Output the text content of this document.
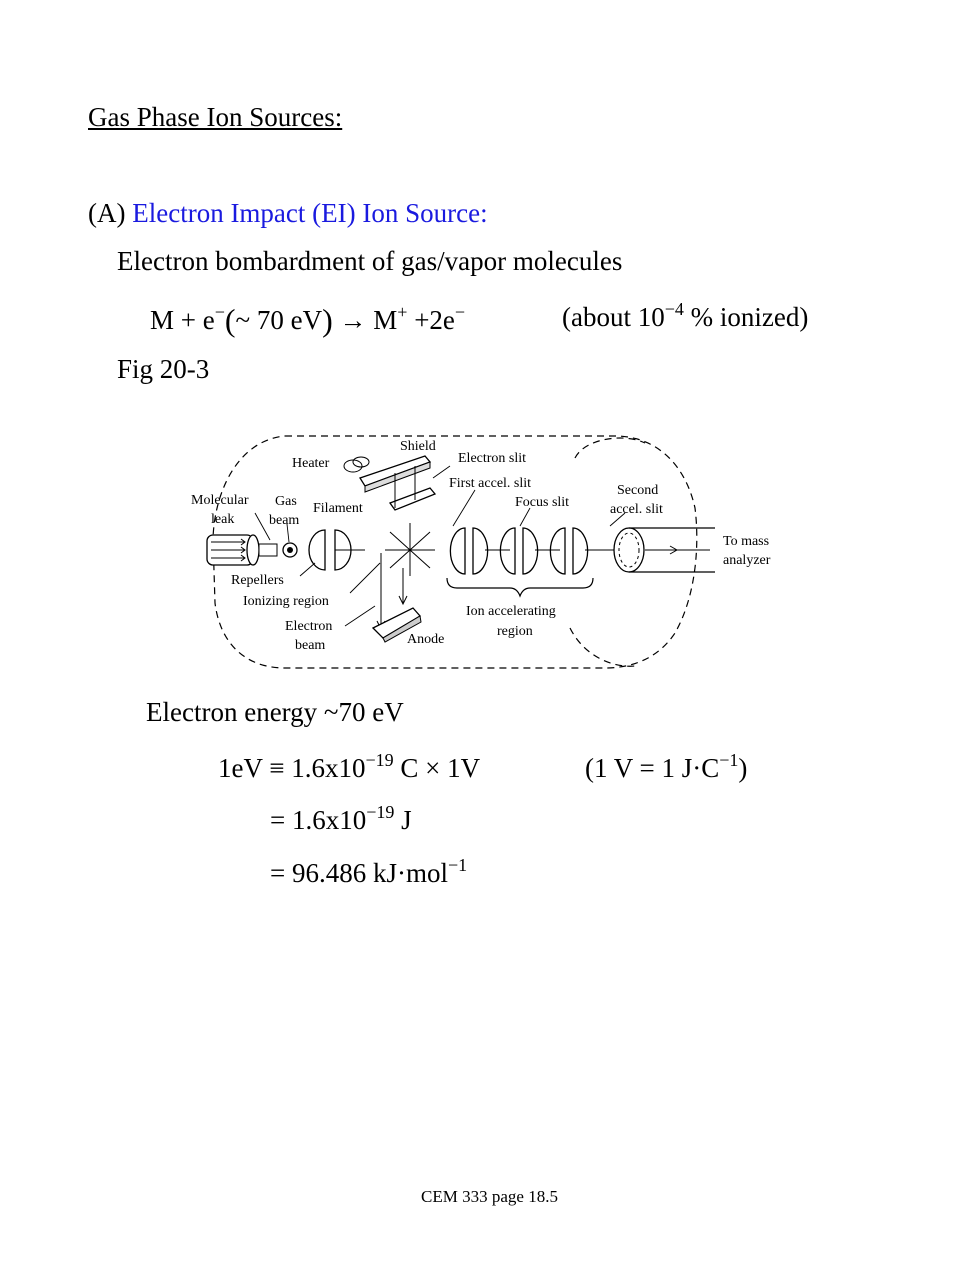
Gas Phase Ion Sources:
(A) Electron Impact (EI) Ion Source:
Electron bombardment of gas/vapor molecules
M + e−(~ 70 eV) → M+ +2e−	(about $10^{-4}$ % ionized)
Fig 20-3
Shield
Heater	Electron slit
First accel. slit	Second
accel. slit
Molecular
leak
Gas
beam
Filament	Focus slit
To mass
analyzer
Repellers
Ionizing region
Electron
beam	Anode
Ion accelerating
region
Electron energy ~70 eV
$1eV \equiv 1.6x10^{-19}$ C × 1V	(1 V = 1 $J\cdot C^{-1}$)
= $1.6x10^{-19}$ J
= 96.486 kJ·mol$^{-1}$
CEM 333 page 18.5
